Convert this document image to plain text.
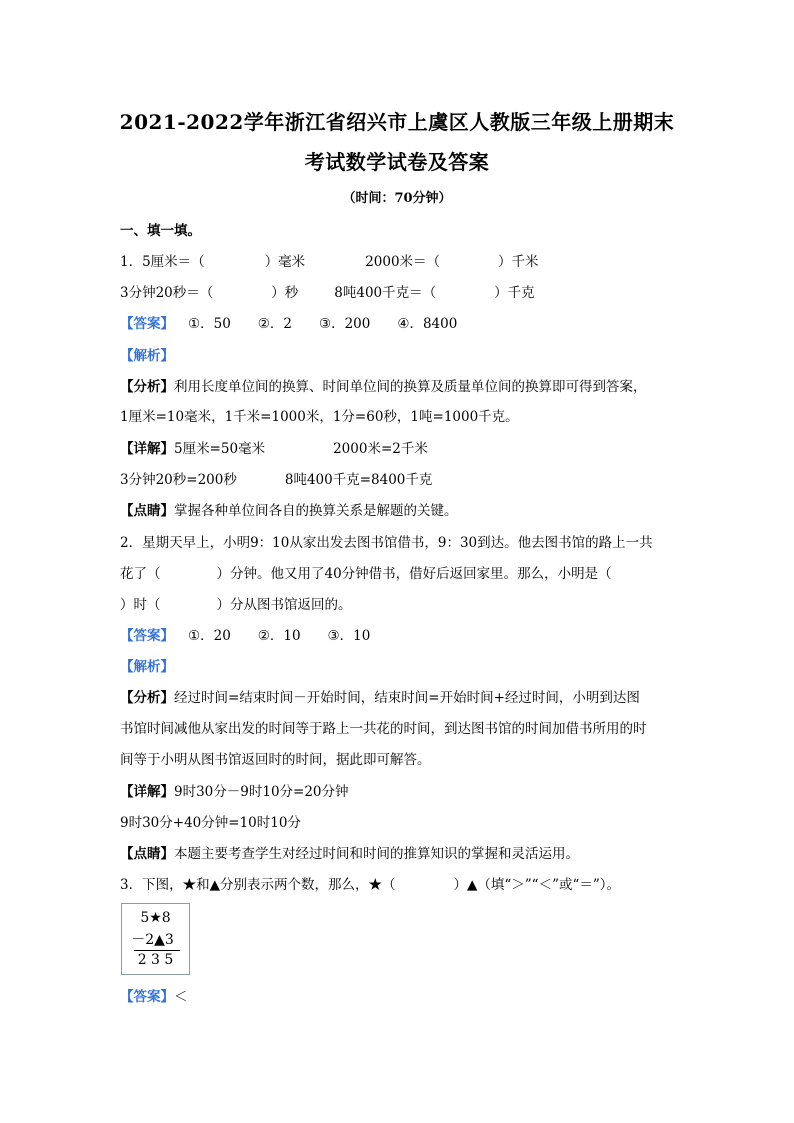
2021-2022学年浙江省绍兴市上虞区人教版三年级上册期末
考试数学试卷及答案
（时间：70分钟）
一、填一填。
1．5厘米＝（	）毫米	2000米＝（	）千米
3分钟20秒＝（	）秒	8吨400千克＝（	）千克
【答案】 ①．50　　②．2　　③．200　　④．8400
【解析】
【分析】利用长度单位间的换算、时间单位间的换算及质量单位间的换算即可得到答案，
1厘米=10毫米，1千米=1000米，1分=60秒，1吨=1000千克。
【详解】5厘米=50毫米	2000米=2千米
3分钟20秒=200秒	8吨400千克=8400千克
【点睛】掌握各种单位间各自的换算关系是解题的关键。
2．星期天早上，小明9：10从家出发去图书馆借书，9：30到达。他去图书馆的路上一共
花了（	）分钟。他又用了40分钟借书，借好后返回家里。那么，小明是（
）时（	）分从图书馆返回的。
【答案】 ①．20　　②．10　　③．10
【解析】
【分析】经过时间=结束时间－开始时间，结束时间=开始时间+经过时间，小明到达图
书馆时间减他从家出发的时间等于路上一共花的时间，到达图书馆的时间加借书所用的时
间等于小明从图书馆返回时的时间，据此即可解答。
【详解】9时30分－9时10分=20分钟
9时30分+40分钟=10时10分
【点睛】本题主要考查学生对经过时间和时间的推算知识的掌握和灵活运用。
3．下图，★和▲分别表示两个数，那么，★（	）▲（填“＞”“＜”或“＝”）。
5★8
－2▲3
2 3 5
【答案】＜
